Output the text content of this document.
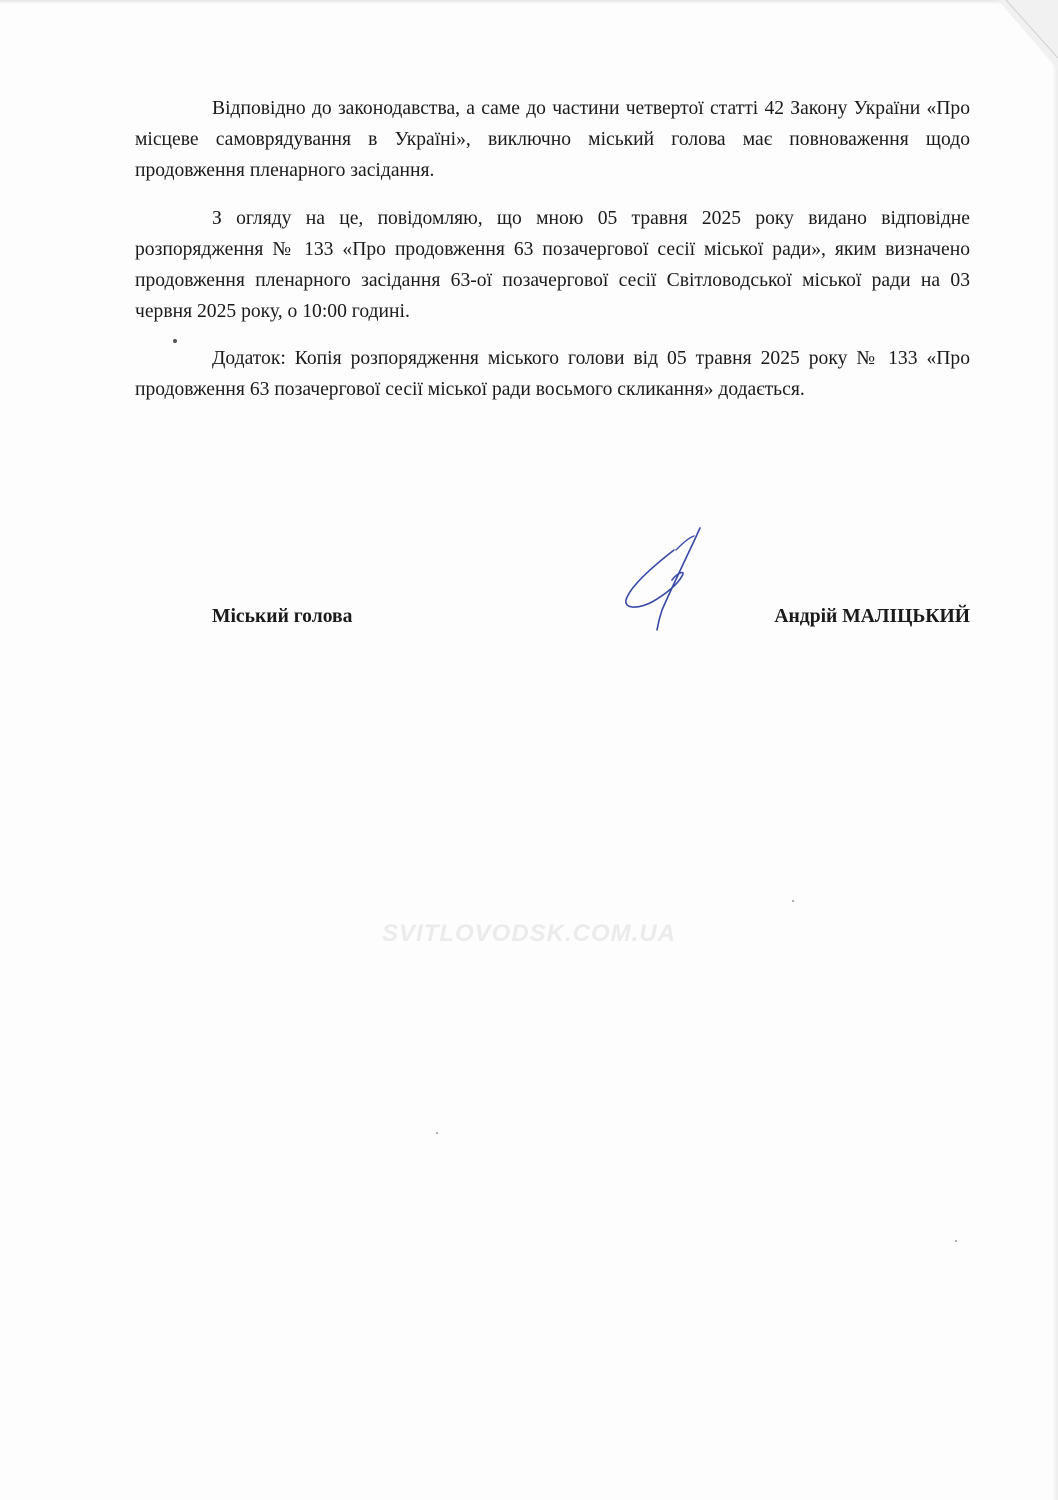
Відповідно до законодавства, а саме до частини четвертої статті 42 Закону України «Про місцеве самоврядування в Україні», виключно міський голова має повноваження щодо продовження пленарного засідання.

З огляду на це, повідомляю, що мною 05 травня 2025 року видано відповідне розпорядження № 133 «Про продовження 63 позачергової сесії міської ради», яким визначено продовження пленарного засідання 63-ої позачергової сесії Світловодської міської ради на 03 червня 2025 року, о 10:00 годині.

Додаток: Копія розпорядження міського голови від 05 травня 2025 року № 133 «Про продовження 63 позачергової сесії міської ради восьмого скликання» додається.

Міський голова	Андрій МАЛІЦЬКИЙ
SVITLOVODSK.COM.UA
